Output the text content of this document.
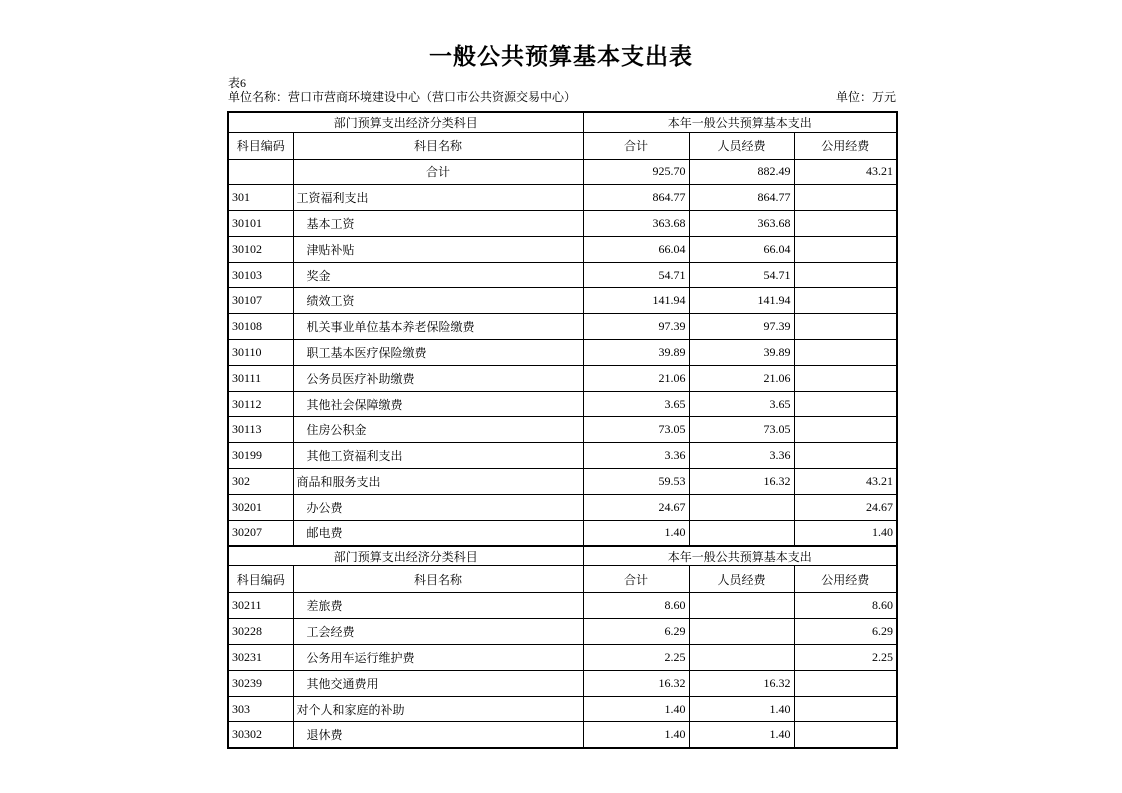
一般公共预算基本支出表
表6
单位名称：营口市营商环境建设中心（营口市公共资源交易中心）	单位：万元
部门预算支出经济分类科目		本年一般公共预算基本支出		
科目编码	科目名称	合计	人员经费	公用经费
	合计	925.70	882.49	43.21
301	工资福利支出	864.77	864.77	
30101	基本工资	363.68	363.68	
30102	津贴补贴	66.04	66.04	
30103	奖金	54.71	54.71	
30107	绩效工资	141.94	141.94	
30108	机关事业单位基本养老保险缴费	97.39	97.39	
30110	职工基本医疗保险缴费	39.89	39.89	
30111	公务员医疗补助缴费	21.06	21.06	
30112	其他社会保障缴费	3.65	3.65	
30113	住房公积金	73.05	73.05	
30199	其他工资福利支出	3.36	3.36	
302	商品和服务支出	59.53	16.32	43.21
30201	办公费	24.67		24.67
30207	邮电费	1.40		1.40
部门预算支出经济分类科目		本年一般公共预算基本支出		
科目编码	科目名称	合计	人员经费	公用经费
30211	差旅费	8.60		8.60
30228	工会经费	6.29		6.29
30231	公务用车运行维护费	2.25		2.25
30239	其他交通费用	16.32	16.32	
303	对个人和家庭的补助	1.40	1.40	
30302	退休费	1.40	1.40	
